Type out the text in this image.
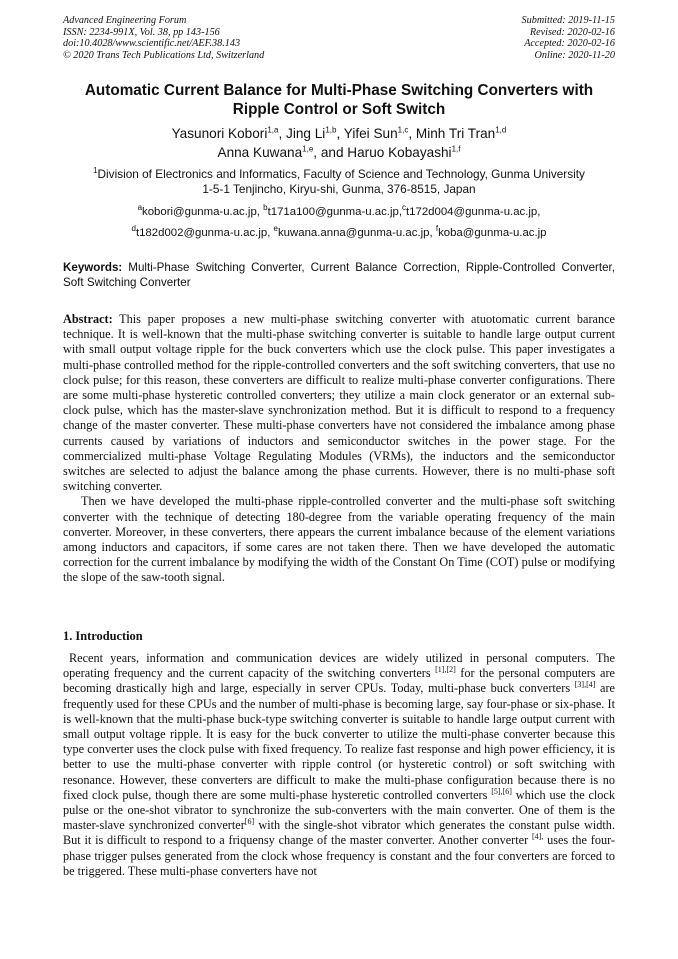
Advanced Engineering Forum
ISSN: 2234-991X, Vol. 38, pp 143-156
doi:10.4028/www.scientific.net/AEF.38.143
© 2020 Trans Tech Publications Ltd, Switzerland
Submitted: 2019-11-15
Revised: 2020-02-16
Accepted: 2020-02-16
Online: 2020-11-20
Automatic Current Balance for Multi-Phase Switching Converters with Ripple Control or Soft Switch
Yasunori Kobori$^{1,a}$, Jing Li$^{1,b}$, Yifei Sun$^{1,c}$, Minh Tri Tran$^{1,d}$
Anna Kuwana$^{1,e}$, and Haruo Kobayashi$^{1,f}$
$^1$Division of Electronics and Informatics, Faculty of Science and Technology, Gunma University
1-5-1 Tenjincho, Kiryu-shi, Gunma, 376-8515, Japan
$^a$kobori@gunma-u.ac.jp, $^b$t171a100@gunma-u.ac.jp,$^c$t172d004@gunma-u.ac.jp,
$^d$t182d002@gunma-u.ac.jp, $^e$kuwana.anna@gunma-u.ac.jp, $^f$koba@gunma-u.ac.jp
Keywords: Multi-Phase Switching Converter, Current Balance Correction, Ripple-Controlled Converter, Soft Switching Converter

Abstract: This paper proposes a new multi-phase switching converter with atuotomatic current barance technique. It is well-known that the multi-phase switching converter is suitable to handle large output current with small output voltage ripple for the buck converters which use the clock pulse. This paper investigates a multi-phase controlled method for the ripple-controlled converters and the soft switching converters, that use no clock pulse; for this reason, these converters are difficult to realize multi-phase converter configurations. There are some multi-phase hysteretic controlled converters; they utilize a main clock generator or an external sub-clock pulse, which has the master-slave synchronization method. But it is difficult to respond to a frequency change of the master converter. These multi-phase converters have not considered the imbalance among phase currents caused by variations of inductors and semiconductor switches in the power stage. For the commercialized multi-phase Voltage Regulating Modules (VRMs), the inductors and the semiconductor switches are selected to adjust the balance among the phase currents. However, there is no multi-phase soft switching converter.

Then we have developed the multi-phase ripple-controlled converter and the multi-phase soft switching converter with the technique of detecting 180-degree from the variable operating frequency of the main converter. Moreover, in these converters, there appears the current imbalance because of the element variations among inductors and capacitors, if some cares are not taken there. Then we have developed the automatic correction for the current imbalance by modifying the width of the Constant On Time (COT) pulse or modifying the slope of the saw-tooth signal.

1. Introduction

Recent years, information and communication devices are widely utilized in personal computers. The operating frequency and the current capacity of the switching converters [1],[2] for the personal computers are becoming drastically high and large, especially in server CPUs. Today, multi-phase buck converters [3],[4] are frequently used for these CPUs and the number of multi-phase is becoming large, say four-phase or six-phase. It is well-known that the multi-phase buck-type switching converter is suitable to handle large output current with small output voltage ripple. It is easy for the buck converter to utilize the multi-phase converter because this type converter uses the clock pulse with fixed frequency. To realize fast response and high power efficiency, it is better to use the multi-phase converter with ripple control (or hysteretic control) or soft switching with resonance. However, these converters are difficult to make the multi-phase configuration because there is no fixed clock pulse, though there are some multi-phase hysteretic controlled converters [5],[6] which use the clock pulse or the one-shot vibrator to synchronize the sub-converters with the main converter. One of them is the master-slave synchronized converter[6] with the single-shot vibrator which generates the constant pulse width. But it is difficult to respond to a friquensy change of the master converter. Another converter $^{[4],}$ uses the four-phase trigger pulses generated from the clock whose frequency is constant and the four converters are forced to be triggered. These multi-phase converters have not
